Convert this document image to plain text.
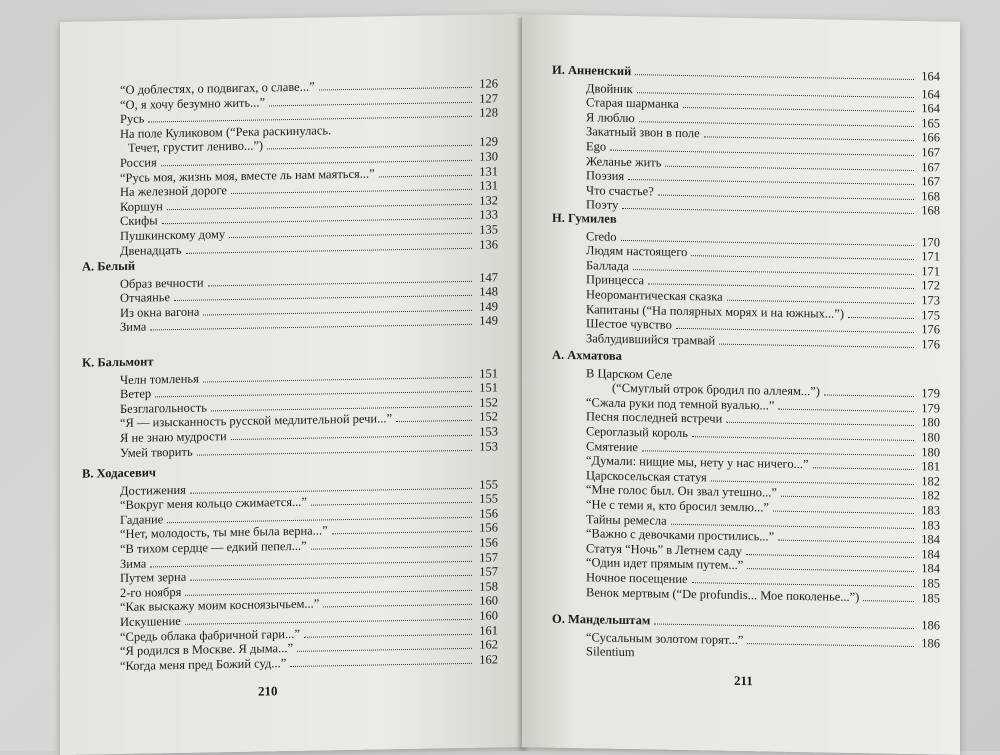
“О доблестях, о подвигах, о славе...”	126
“О, я хочу безумно жить...”	127
Русь	128
На поле Куликовом (“Река раскинулась.
Течет, грустит лениво...”)	129
Россия	130
“Русь моя, жизнь моя, вместе ль нам маяться...”	131
На железной дороге	131
Коршун	132
Скифы	133
Пушкинскому дому	135
Двенадцать	136
А. Белый
Образ вечности	147
Отчаянье	148
Из окна вагона	149
Зима	149
К. Бальмонт
Челн томленья	151
Ветер	151
Безглагольность	152
“Я — изысканность русской медлительной речи...”	152
Я не знаю мудрости	153
Умей творить	153
В. Ходасевич
Достижения	155
“Вокруг меня кольцо сжимается...”	155
Гадание	156
“Нет, молодость, ты мне была верна...”	156
“В тихом сердце — едкий пепел...”	156
Зима	157
Путем зерна	157
2-го ноября	158
“Как выскажу моим косноязычьем...”	160
Искушение	160
“Средь облака фабричной гари...”	161
“Я родился в Москве. Я дыма...”	162
“Когда меня пред Божий суд...”	162
210
И. Анненский	164
Двойник	164
Старая шарманка	164
Я люблю	165
Закатный звон в поле	166
Ego	167
Желанье жить	167
Поэзия	167
Что счастье?	168
Поэту	168
Н. Гумилев
Credo	170
Людям настоящего	171
Баллада	171
Принцесса	172
Неоромантическая сказка	173
Капитаны (“На полярных морях и на южных...”)	175
Шестое чувство	176
Заблудившийся трамвай	176
А. Ахматова
В Царском Селе
(“Смуглый отрок бродил по аллеям...”)	179
“Сжала руки под темной вуалью...”	179
Песня последней встречи	180
Сероглазый король	180
Смятение	180
“Думали: нищие мы, нету у нас ничего...”	181
Царскосельская статуя	182
“Мне голос был. Он звал утешно...”	182
“Не с теми я, кто бросил землю...”	183
Тайны ремесла	183
“Важно с девочками простились...”	184
Статуя “Ночь” в Летнем саду	184
“Один идет прямым путем...”	184
Ночное посещение	185
Венок мертвым (“De profundis... Мое поколенье...”)	185
О. Мандельштам	186
“Сусальным золотом горят...”	186
Silentium
211
